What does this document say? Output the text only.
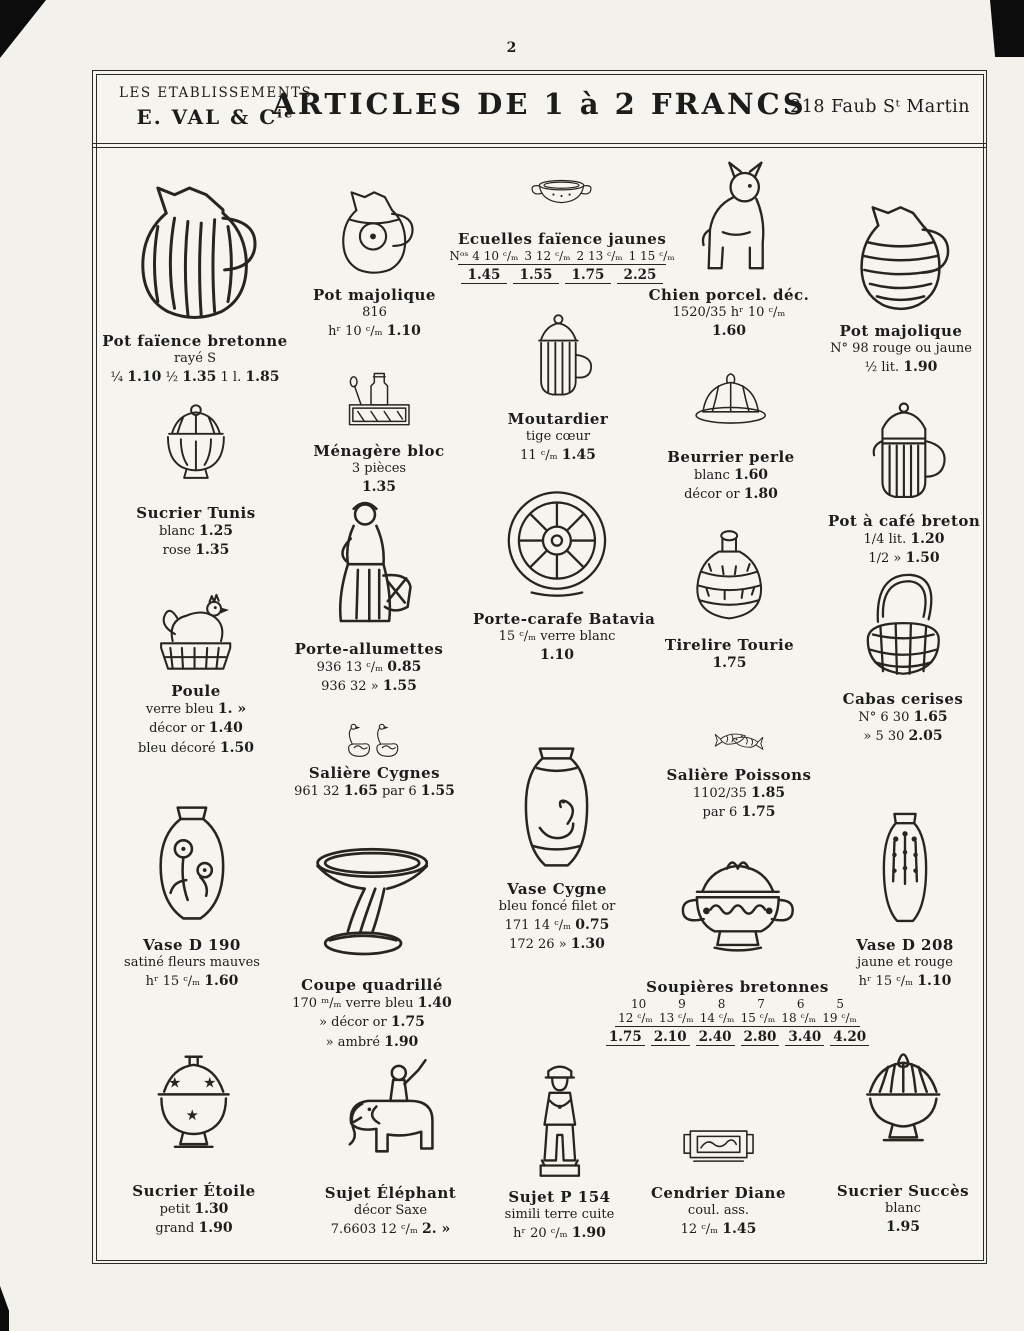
2
LES ETABLISSEMENTS
E. VAL & Cⁱᵉ
ARTICLES DE 1 à 2 FRANCS
218 Faub Sᵗ Martin
Pot faïence bretonne
rayé S
¼ 1.10 ½ 1.35 1 l. 1.85
Pot majolique
816
hʳ 10 ᶜ/ₘ 1.10
Ecuelles faïence jaunes
Nᵒˢ 4 10 ᶜ/ₘ 3 12 ᶜ/ₘ 2 13 ᶜ/ₘ 1 15 ᶜ/ₘ
1.45	1.55	1.75	2.25
Chien porcel. déc.
1520/35 hʳ 10 ᶜ/ₘ
1.60	Pot majolique
N° 98 rouge ou jaune
½ lit. 1.90
Sucrier Tunis
blanc 1.25
rose 1.35
Ménagère bloc
3 pièces
1.35
Moutardier
tige cœur
11 ᶜ/ₘ 1.45	Beurrier perle
blanc 1.60
décor or 1.80
Pot à café breton
1/4 lit. 1.20
1/2 » 1.50
Poule
verre bleu 1. »
décor or 1.40
bleu décoré 1.50
Porte-allumettes
936 13 ᶜ/ₘ 0.85
936 32 » 1.55
Porte-carafe Batavia
15 ᶜ/ₘ verre blanc
1.10
Tirelire Tourie
1.75
Cabas cerises
N° 6 30 1.65
» 5 30 2.05
Salière Cygnes
961 32 1.65 par 6 1.55
Salière Poissons
1102/35 1.85
par 6 1.75
Vase D 190
satiné fleurs mauves
hʳ 15 ᶜ/ₘ 1.60	Coupe quadrillé
170 ᵐ/ₘ verre bleu 1.40
» décor or 1.75
» ambré 1.90
Vase Cygne
bleu foncé filet or
171 14 ᶜ/ₘ 0.75
172 26 » 1.30
Soupières bretonnes
10	9	8	7	6	5
12 ᶜ/ₘ 13 ᶜ/ₘ 14 ᶜ/ₘ 15 ᶜ/ₘ 18 ᶜ/ₘ 19 ᶜ/ₘ
1.75 2.10 2.40 2.80 3.40 4.20
Vase D 208
jaune et rouge
hʳ 15 ᶜ/ₘ 1.10
★ ★
★
Sucrier Étoile
petit 1.30
grand 1.90
Sujet Éléphant
décor Saxe
7.6603 12 ᶜ/ₘ 2. »
Sujet P 154
simili terre cuite
hʳ 20 ᶜ/ₘ 1.90
Cendrier Diane
coul. ass.
12 ᶜ/ₘ 1.45
Sucrier Succès
blanc
1.95
